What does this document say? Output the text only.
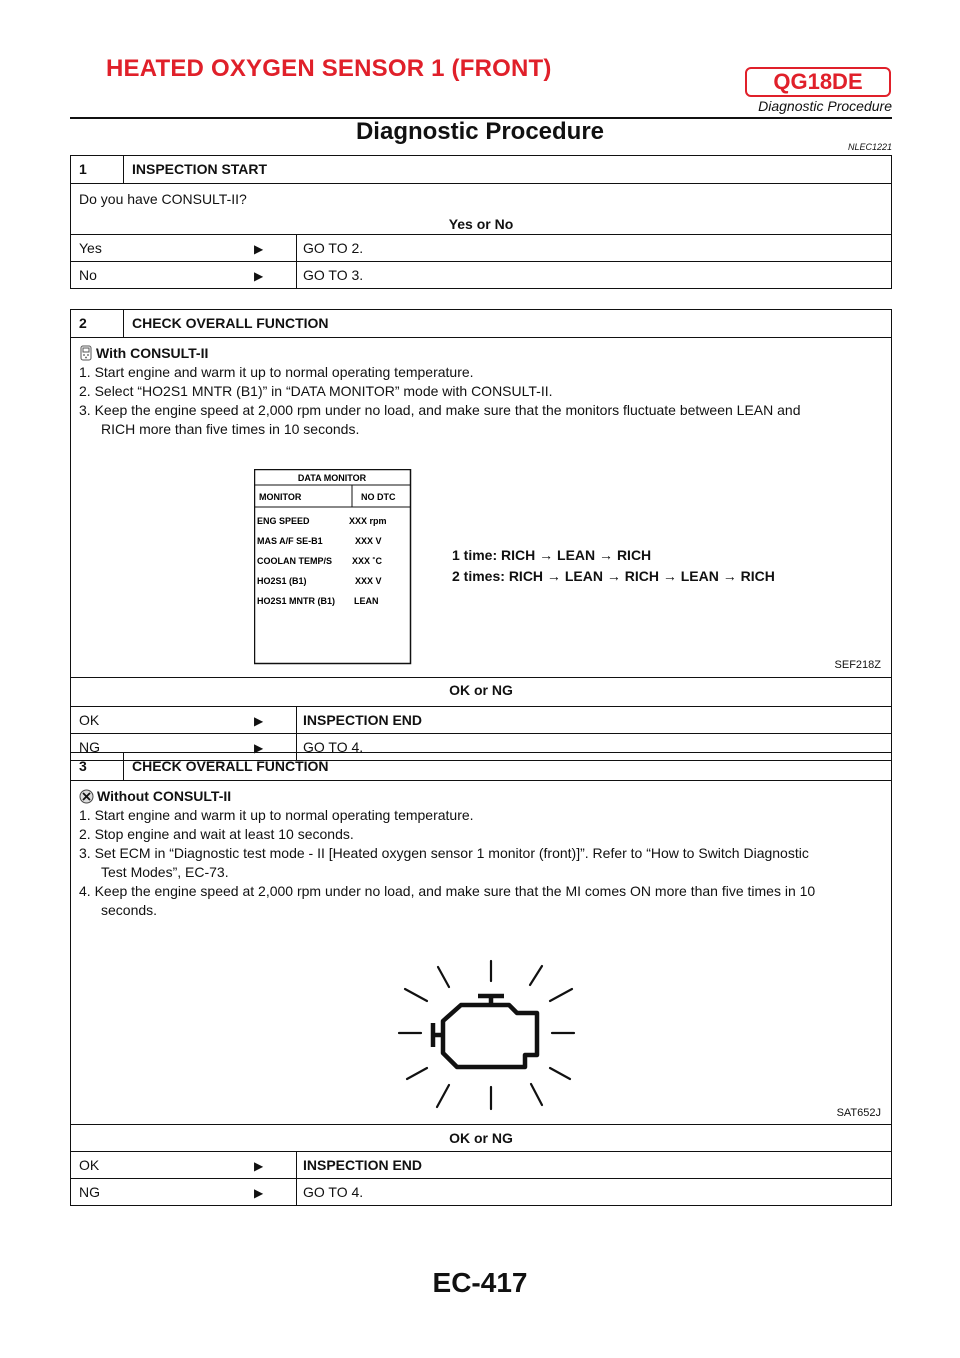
HEATED OXYGEN SENSOR 1 (FRONT)	QG18DE
Diagnostic Procedure
Diagnostic Procedure
NLEC1221
1	INSPECTION START
Do you have CONSULT-II?
Yes or No
Yes	▶	GO TO 2.
No	▶	GO TO 3.
2	CHECK OVERALL FUNCTION
With CONSULT-II
1. Start engine and warm it up to normal operating temperature.
2. Select “HO2S1 MNTR (B1)” in “DATA MONITOR” mode with CONSULT-II.
3. Keep the engine speed at 2,000 rpm under no load, and make sure that the monitors fluctuate between LEAN and
RICH more than five times in 10 seconds.
DATA MONITOR
MONITOR	NO DTC
ENG SPEED	XXX rpm
MAS A/F SE-B1	XXX V
COOLAN TEMP/S XXX ˚C
HO2S1 (B1)	XXX V
HO2S1 MNTR (B1) LEAN
1 time: RICH → LEAN → RICH
2 times: RICH → LEAN → RICH → LEAN → RICH
SEF218Z
OK or NG
OK	▶	INSPECTION END
NG	▶	GO TO 4.
3	CHECK OVERALL FUNCTION
Without CONSULT-II
1. Start engine and warm it up to normal operating temperature.
2. Stop engine and wait at least 10 seconds.
3. Set ECM in “Diagnostic test mode - II [Heated oxygen sensor 1 monitor (front)]”. Refer to “How to Switch Diagnostic
Test Modes”, EC-73.
4. Keep the engine speed at 2,000 rpm under no load, and make sure that the MI comes ON more than five times in 10
seconds.
SAT652J
OK or NG
OK	▶	INSPECTION END
NG	▶	GO TO 4.
EC-417
